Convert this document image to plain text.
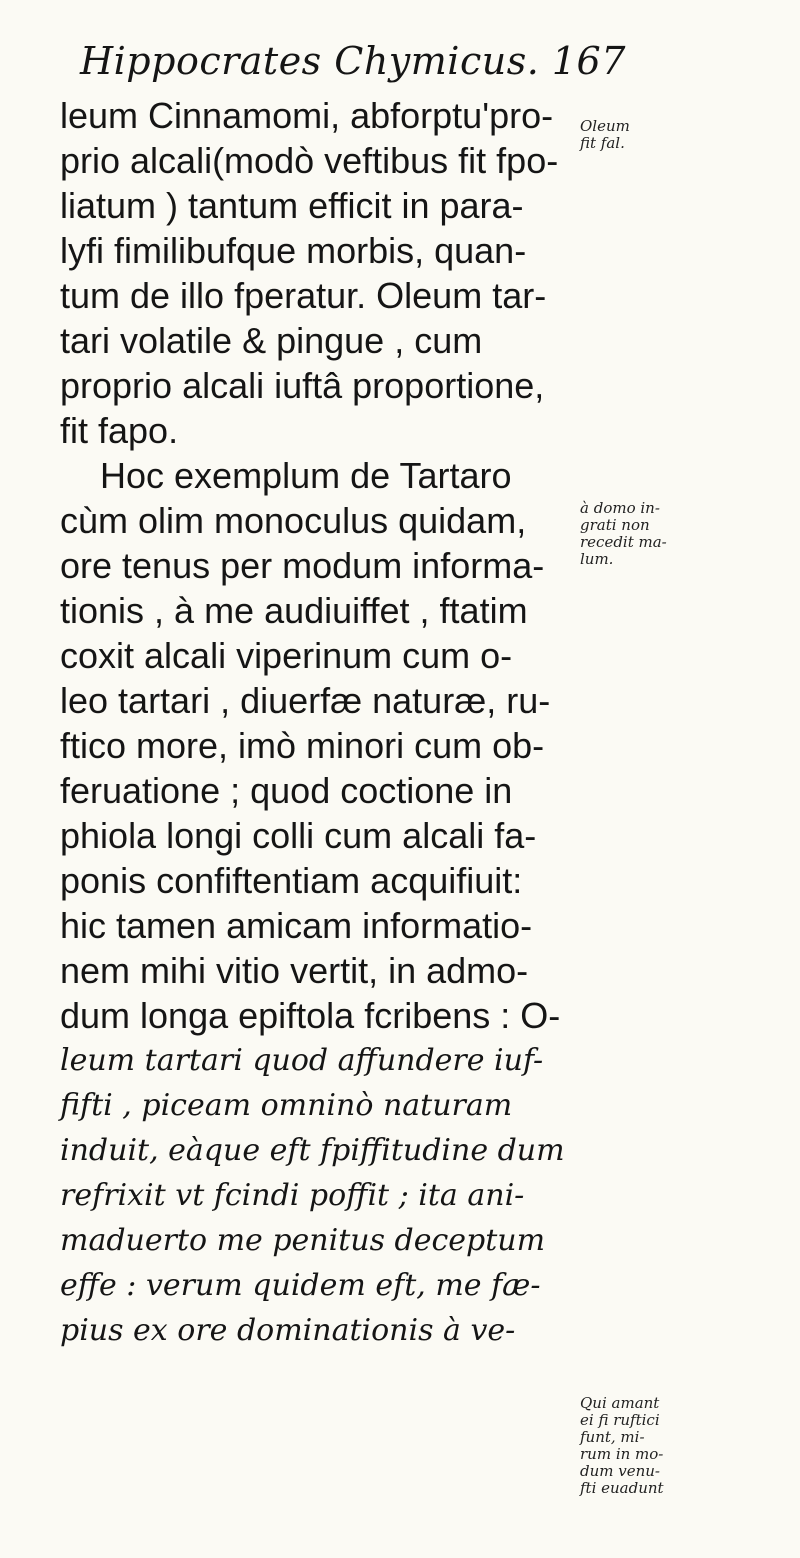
Hippocrates Chymicus. 167
leum Cinnamomi, abforptu'pro-
prio alcali(modò veftibus fit fpo-
liatum ) tantum efficit in para-
lyfi fimilibufque morbis, quan-
tum de illo fperatur. Oleum tar-
tari volatile & pingue , cum
proprio alcali iuftâ proportione,
fit fapo.
Hoc exemplum de Tartaro
cùm olim monoculus quidam,
ore tenus per modum informa-
tionis , à me audiuiffet , ftatim
coxit alcali viperinum cum o-
leo tartari , diuerfæ naturæ, ru-
ftico more, imò minori cum ob-
feruatione ; quod coctione in
phiola longi colli cum alcali fa-
ponis confiftentiam acquifiuit:
hic tamen amicam informatio-
nem mihi vitio vertit, in admo-
dum longa epiftola fcribens : O-
leum tartari quod affundere iuf-
fifti , piceam omninò naturam
induit, eàque eft fpiffitudine dum
refrixit vt fcindi poffit ; ita ani-
maduerto me penitus deceptum
effe : verum quidem eft, me fæ-
pius ex ore dominationis à ve-
Oleum
fit fal.
à domo in-
grati non
recedit ma-
lum.
Qui amant
ei fi ruftici
funt, mi-
rum in mo-
dum venu-
fti euadunt
